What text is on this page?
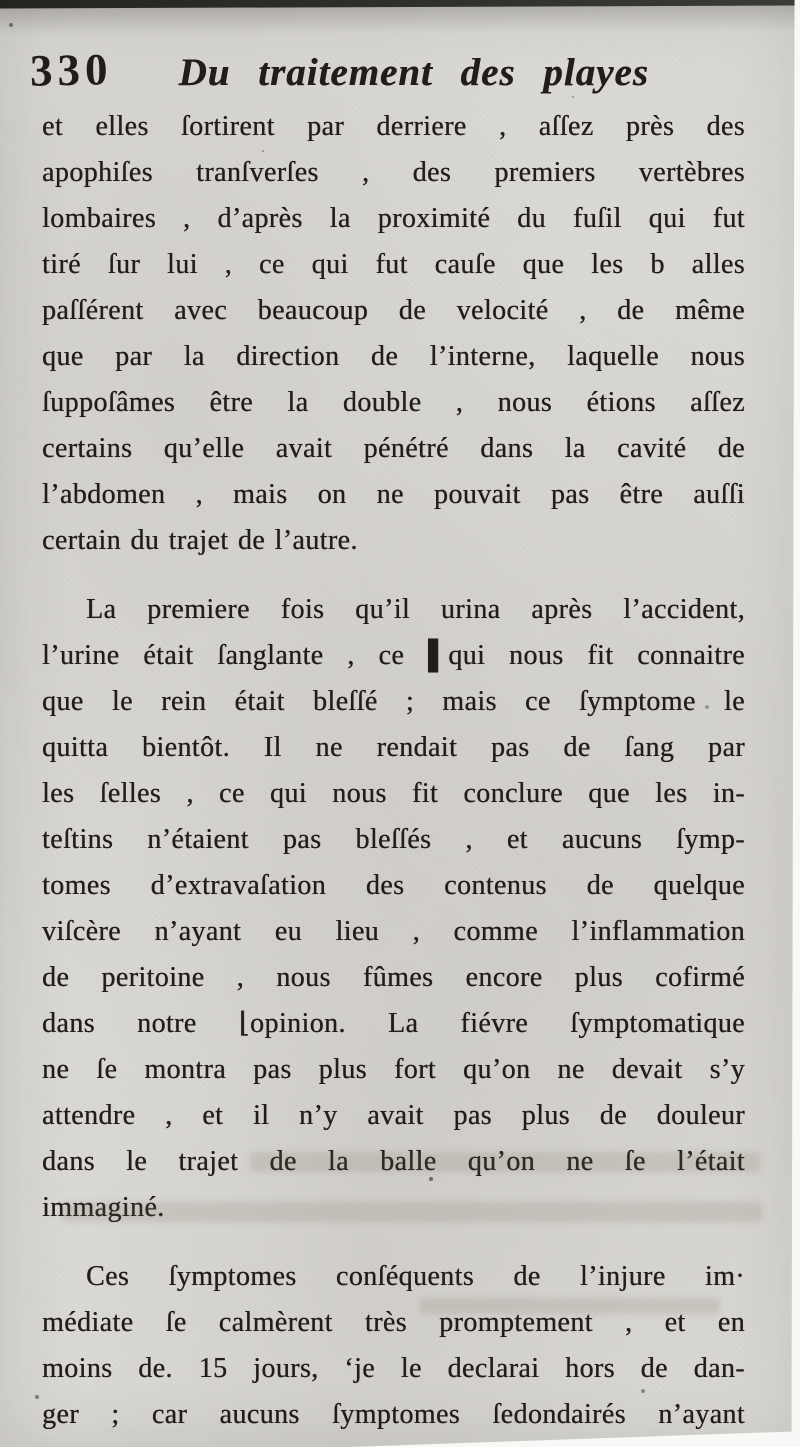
330 Du traitement des playes
et elles ſortirent par derriere , aſſez près des
apophiſes tranſverſes , des premiers vertèbres
lombaires , d’après la proximité du fuſil qui fut
tiré ſur lui , ce qui fut cauſe que les b alles
paſſérent avec beaucoup de velocité , de même
que par la direction de l’interne, laquelle nous
ſuppoſâmes être la double , nous étions aſſez
certains qu’elle avait pénétré dans la cavité de
l’abdomen , mais on ne pouvait pas être auſſi
certain du trajet de l’autre.
La premiere fois qu’il urina après l’accident,
l’urine était ſanglante , ce ▌qui nous fit connaitre
que le rein était bleſſé ; mais ce ſymptome le
quitta bientôt. Il ne rendait pas de ſang par
les ſelles , ce qui nous fit conclure que les in-
teſtins n’étaient pas bleſſés , et aucuns ſymp-
tomes d’extravaſation des contenus de quelque
viſcère n’ayant eu lieu , comme l’inflammation
de peritoine , nous fûmes encore plus cofirmé
dans notre ⌊opinion. La fiévre ſymptomatique
ne ſe montra pas plus fort qu’on ne devait s’y
attendre , et il n’y avait pas plus de douleur
dans le trajet de la balle qu’on ne ſe l’était
immaginé.
Ces ſymptomes conſéquents de l’injure im·
médiate ſe calmèrent très promptement , et en
moins de. 15 jours, ‘je le declarai hors de dan-
ger ; car aucuns ſymptomes ſedondairés n’ayant
